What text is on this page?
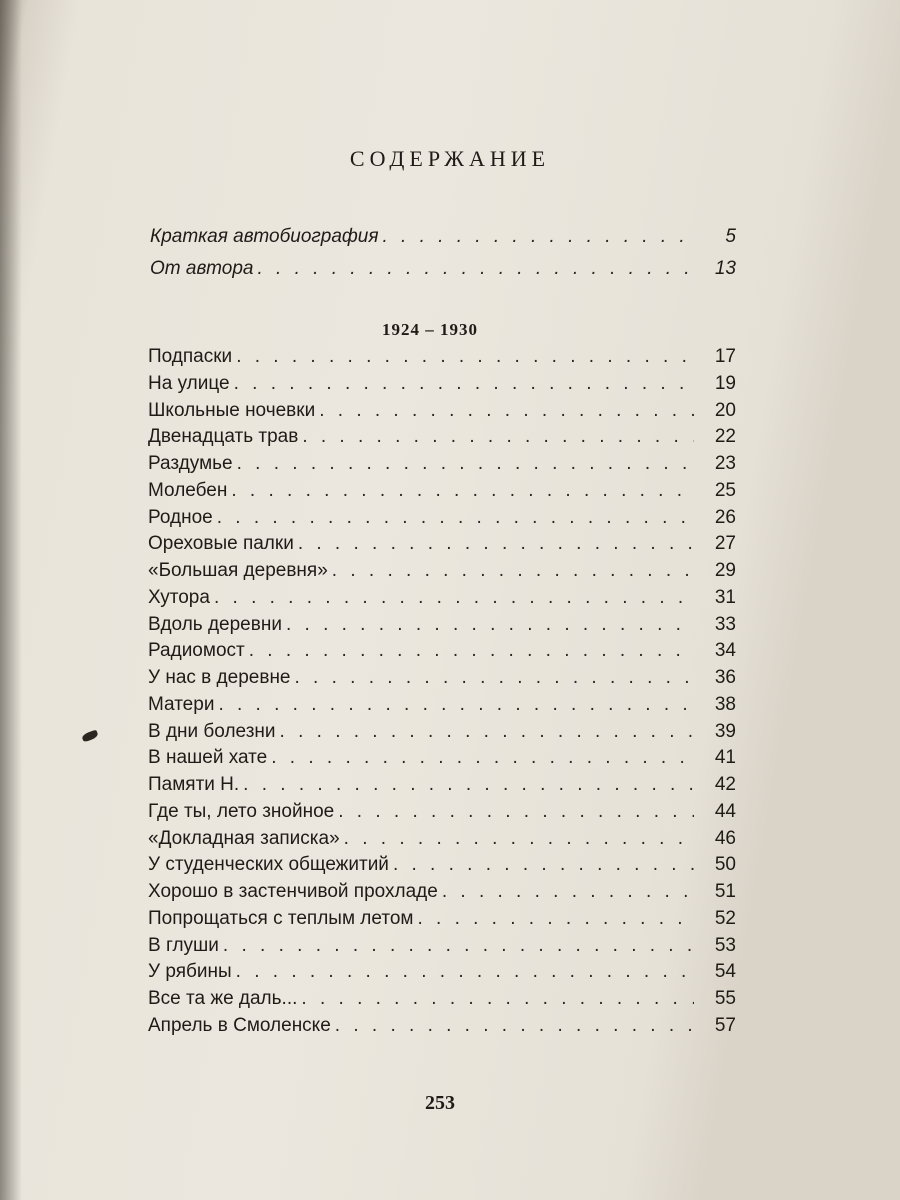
СОДЕРЖАНИЕ
Краткая автобиография . . .	5
От автора . . .	13
1924 – 1930
Подпаски . . .	17
На улице . . .	19
Школьные ночевки . . .	20
Двенадцать трав . . .	22
Раздумье . . .	23
Молебен . . .	25
Родное . . .	26
Ореховые палки . . .	27
«Большая деревня» . . .	29
Хутора . . .	31
Вдоль деревни . . .	33
Радиомост . . .	34
У нас в деревне . . .	36
Матери . . .	38
В дни болезни . . .	39
В нашей хате . . .	41
Памяти Н. . . .	42
Где ты, лето знойное . . .	44
«Докладная записка» . . .	46
У студенческих общежитий . . .	50
Хорошо в застенчивой прохладе . . .	51
Попрощаться с теплым летом . . .	52
В глуши . . .	53
У рябины . . .	54
Все та же даль... . . .	55
Апрель в Смоленске . . .	57
253
